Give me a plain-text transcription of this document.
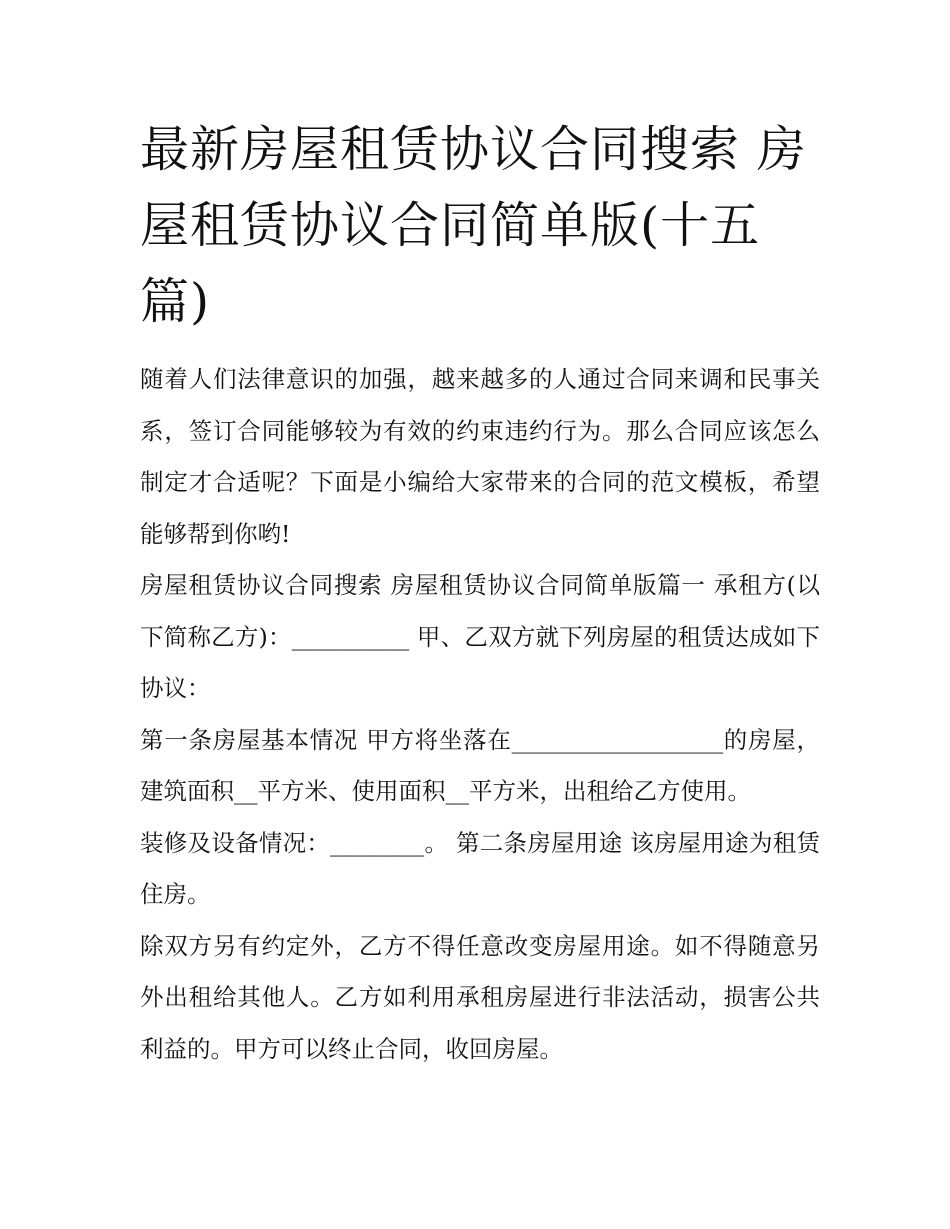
最新房屋租赁协议合同搜索 房屋租赁协议合同简单版(十五篇)

随着人们法律意识的加强，越来越多的人通过合同来调和民事关系，签订合同能够较为有效的约束违约行为。那么合同应该怎么制定才合适呢？下面是小编给大家带来的合同的范文模板，希望能够帮到你哟!

房屋租赁协议合同搜索 房屋租赁协议合同简单版篇一 承租方(以下简称乙方)：__________ 甲、乙双方就下列房屋的租赁达成如下协议：

第一条房屋基本情况 甲方将坐落在__________________的房屋，建筑面积__平方米、使用面积__平方米，出租给乙方使用。

装修及设备情况：________。 第二条房屋用途 该房屋用途为租赁住房。

除双方另有约定外，乙方不得任意改变房屋用途。如不得随意另外出租给其他人。乙方如利用承租房屋进行非法活动，损害公共利益的。甲方可以终止合同，收回房屋。
